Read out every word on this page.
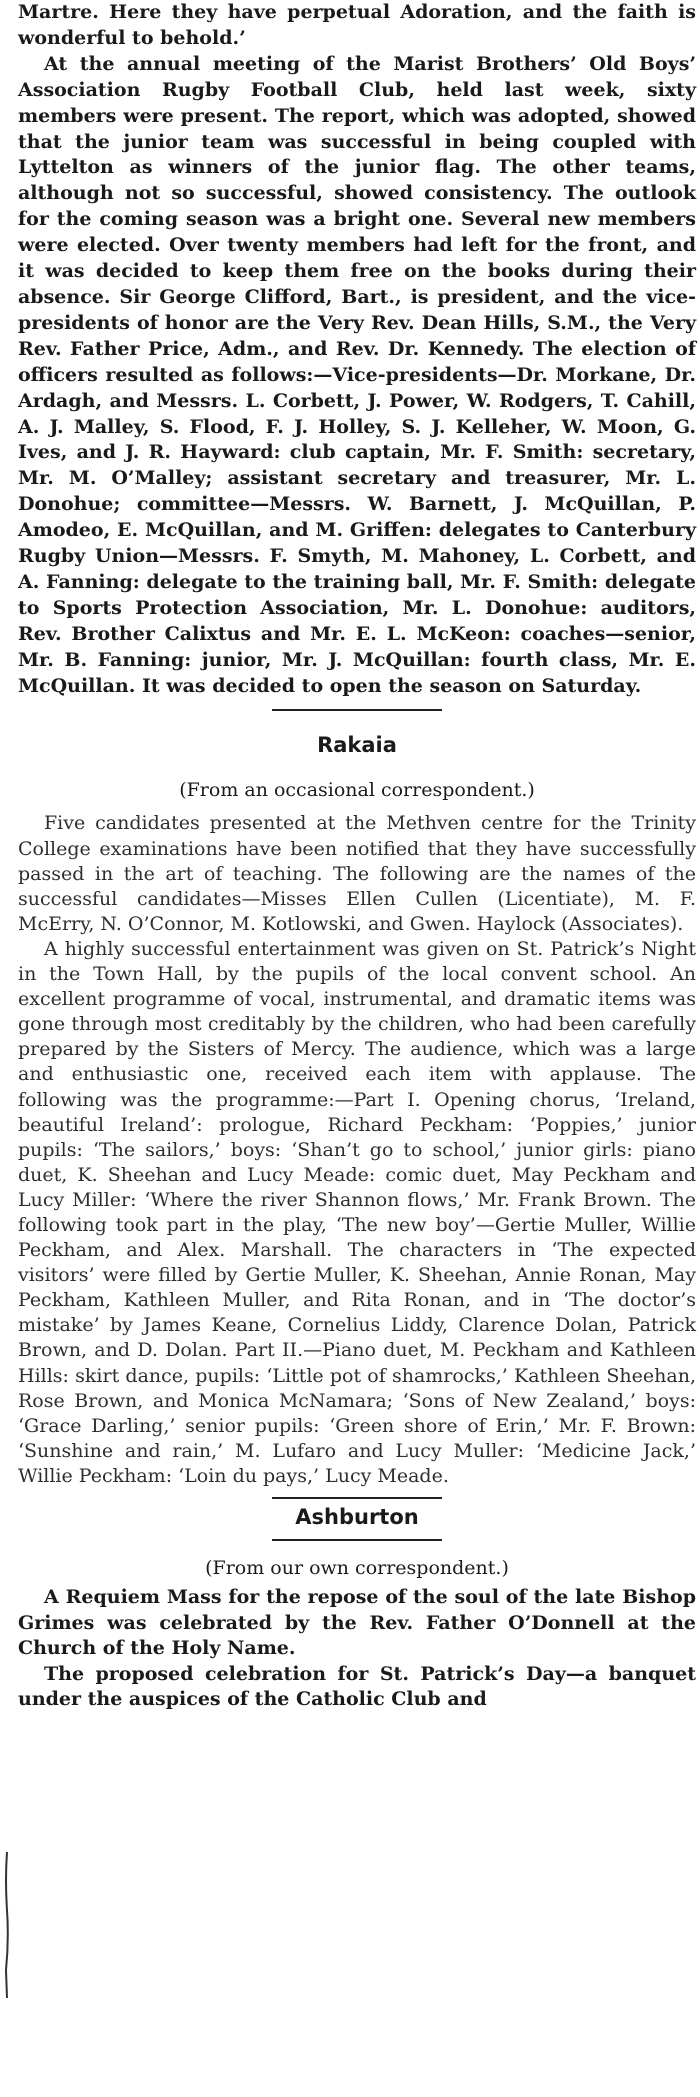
Martre. Here they have perpetual Adoration, and the faith is wonderful to behold.’

At the annual meeting of the Marist Brothers’ Old Boys’ Association Rugby Football Club, held last week, sixty members were present. The report, which was adopted, showed that the junior team was successful in being coupled with Lyttelton as winners of the junior flag. The other teams, although not so successful, showed consistency. The outlook for the coming season was a bright one. Several new members were elected. Over twenty members had left for the front, and it was decided to keep them free on the books during their absence. Sir George Clifford, Bart., is president, and the vice-presidents of honor are the Very Rev. Dean Hills, S.M., the Very Rev. Father Price, Adm., and Rev. Dr. Kennedy. The election of officers resulted as follows:—Vice-presidents—Dr. Morkane, Dr. Ardagh, and Messrs. L. Corbett, J. Power, W. Rodgers, T. Cahill, A. J. Malley, S. Flood, F. J. Holley, S. J. Kelleher, W. Moon, G. Ives, and J. R. Hayward: club captain, Mr. F. Smith: secretary, Mr. M. O’Malley; assistant secretary and treasurer, Mr. L. Donohue; committee—Messrs. W. Barnett, J. McQuillan, P. Amodeo, E. McQuillan, and M. Griffen: delegates to Canterbury Rugby Union—Messrs. F. Smyth, M. Mahoney, L. Corbett, and A. Fanning: delegate to the training ball, Mr. F. Smith: delegate to Sports Protection Association, Mr. L. Donohue: auditors, Rev. Brother Calixtus and Mr. E. L. McKeon: coaches—senior, Mr. B. Fanning: junior, Mr. J. McQuillan: fourth class, Mr. E. McQuillan. It was decided to open the season on Saturday.

Rakaia

(From an occasional correspondent.)

Five candidates presented at the Methven centre for the Trinity College examinations have been notified that they have successfully passed in the art of teaching. The following are the names of the successful candidates—Misses Ellen Cullen (Licentiate), M. F. McErry, N. O’Connor, M. Kotlowski, and Gwen. Haylock (Associates).

A highly successful entertainment was given on St. Patrick’s Night in the Town Hall, by the pupils of the local convent school. An excellent programme of vocal, instrumental, and dramatic items was gone through most creditably by the children, who had been carefully prepared by the Sisters of Mercy. The audience, which was a large and enthusiastic one, received each item with applause. The following was the programme:—Part I. Opening chorus, ‘Ireland, beautiful Ireland’: prologue, Richard Peckham: ‘Poppies,’ junior pupils: ‘The sailors,’ boys: ‘Shan’t go to school,’ junior girls: piano duet, K. Sheehan and Lucy Meade: comic duet, May Peckham and Lucy Miller: ‘Where the river Shannon flows,’ Mr. Frank Brown. The following took part in the play, ‘The new boy’—Gertie Muller, Willie Peckham, and Alex. Marshall. The characters in ‘The expected visitors’ were filled by Gertie Muller, K. Sheehan, Annie Ronan, May Peckham, Kathleen Muller, and Rita Ronan, and in ‘The doctor’s mistake’ by James Keane, Cornelius Liddy, Clarence Dolan, Patrick Brown, and D. Dolan. Part II.—Piano duet, M. Peckham and Kathleen Hills: skirt dance, pupils: ‘Little pot of shamrocks,’ Kathleen Sheehan, Rose Brown, and Monica McNamara; ‘Sons of New Zealand,’ boys: ‘Grace Darling,’ senior pupils: ‘Green shore of Erin,’ Mr. F. Brown: ‘Sunshine and rain,’ M. Lufaro and Lucy Muller: ‘Medicine Jack,’ Willie Peckham: ‘Loin du pays,’ Lucy Meade.

Ashburton

(From our own correspondent.)

A Requiem Mass for the repose of the soul of the late Bishop Grimes was celebrated by the Rev. Father O’Donnell at the Church of the Holy Name.

The proposed celebration for St. Patrick’s Day—a banquet under the auspices of the Catholic Club and
